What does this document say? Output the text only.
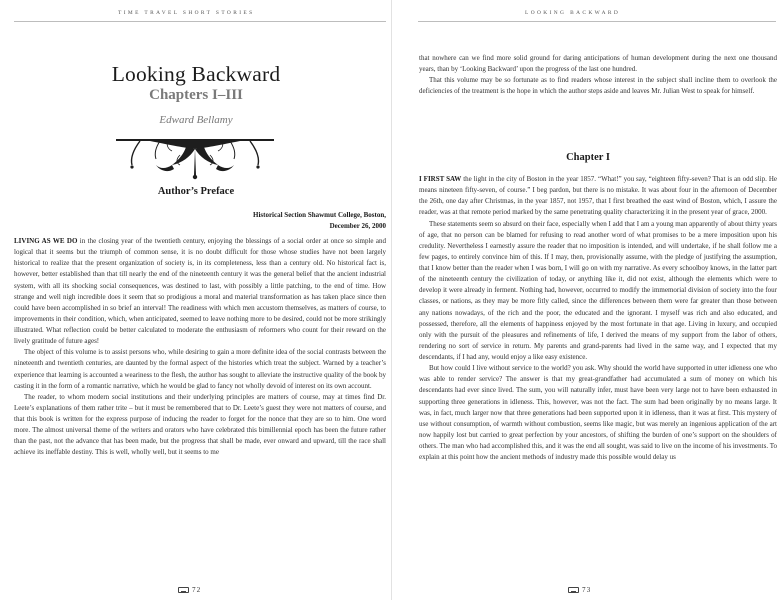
TIME TRAVEL SHORT STORIES
Looking Backward
Chapters I–III
Edward Bellamy
Author’s Preface
Historical Section Shawmut College, Boston,
December 26, 2000

LIVING AS WE DO in the closing year of the twentieth century, enjoying the blessings of a social order at once so simple and logical that it seems but the triumph of common sense, it is no doubt difficult for those whose studies have not been largely historical to realize that the present organization of society is, in its completeness, less than a century old. No historical fact is, however, better established than that till nearly the end of the nineteenth century it was the general belief that the ancient industrial system, with all its shocking social consequences, was destined to last, with possibly a little patching, to the end of time. How strange and well nigh incredible does it seem that so prodigious a moral and material transformation as has taken place since then could have been accomplished in so brief an interval! The readiness with which men accustom themselves, as matters of course, to improvements in their condition, which, when anticipated, seemed to leave nothing more to be desired, could not be more strikingly illustrated. What reflection could be better calculated to moderate the enthusiasm of reformers who count for their reward on the lively gratitude of future ages!

The object of this volume is to assist persons who, while desiring to gain a more definite idea of the social contrasts between the nineteenth and twentieth centuries, are daunted by the formal aspect of the histories which treat the subject. Warned by a teacher’s experience that learning is accounted a weariness to the flesh, the author has sought to alleviate the instructive quality of the book by casting it in the form of a romantic narrative, which he would be glad to fancy not wholly devoid of interest on its own account.

The reader, to whom modern social institutions and their underlying principles are matters of course, may at times find Dr. Leete’s explanations of them rather trite – but it must be remembered that to Dr. Leete’s guest they were not matters of course, and that this book is written for the express purpose of inducing the reader to forget for the nonce that they are so to him. One word more. The almost universal theme of the writers and orators who have celebrated this bimillennial epoch has been the future rather than the past, not the advance that has been made, but the progress that shall be made, ever onward and upward, till the race shall achieve its ineffable destiny. This is well, wholly well, but it seems to me

72
LOOKING BACKWARD

that nowhere can we find more solid ground for daring anticipations of human development during the next one thousand years, than by ‘Looking Backward’ upon the progress of the last one hundred.

That this volume may be so fortunate as to find readers whose interest in the subject shall incline them to overlook the deficiencies of the treatment is the hope in which the author steps aside and leaves Mr. Julian West to speak for himself.

Chapter I

I FIRST SAW the light in the city of Boston in the year 1857. “What!” you say, “eighteen fifty-seven? That is an odd slip. He means nineteen fifty-seven, of course.” I beg pardon, but there is no mistake. It was about four in the afternoon of December the 26th, one day after Christmas, in the year 1857, not 1957, that I first breathed the east wind of Boston, which, I assure the reader, was at that remote period marked by the same penetrating quality characterizing it in the present year of grace, 2000.

These statements seem so absurd on their face, especially when I add that I am a young man apparently of about thirty years of age, that no person can be blamed for refusing to read another word of what promises to be a mere imposition upon his credulity. Nevertheless I earnestly assure the reader that no imposition is intended, and will undertake, if he shall follow me a few pages, to entirely convince him of this. If I may, then, provisionally assume, with the pledge of justifying the assumption, that I know better than the reader when I was born, I will go on with my narrative. As every schoolboy knows, in the latter part of the nineteenth century the civilization of today, or anything like it, did not exist, although the elements which were to develop it were already in ferment. Nothing had, however, occurred to modify the immemorial division of society into the four classes, or nations, as they may be more fitly called, since the differences between them were far greater than those between any nations nowadays, of the rich and the poor, the educated and the ignorant. I myself was rich and also educated, and possessed, therefore, all the elements of happiness enjoyed by the most fortunate in that age. Living in luxury, and occupied only with the pursuit of the pleasures and refinements of life, I derived the means of my support from the labor of others, rendering no sort of service in return. My parents and grand-parents had lived in the same way, and I expected that my descendants, if I had any, would enjoy a like easy existence.

But how could I live without service to the world? you ask. Why should the world have supported in utter idleness one who was able to render service? The answer is that my great-grandfather had accumulated a sum of money on which his descendants had ever since lived. The sum, you will naturally infer, must have been very large not to have been exhausted in supporting three generations in idleness. This, however, was not the fact. The sum had been originally by no means large. It was, in fact, much larger now that three generations had been supported upon it in idleness, than it was at first. This mystery of use without consumption, of warmth without combustion, seems like magic, but was merely an ingenious application of the art now happily lost but carried to great perfection by your ancestors, of shifting the burden of one’s support on the shoulders of others. The man who had accomplished this, and it was the end all sought, was said to live on the income of his investments. To explain at this point how the ancient methods of industry made this possible would delay us

73
